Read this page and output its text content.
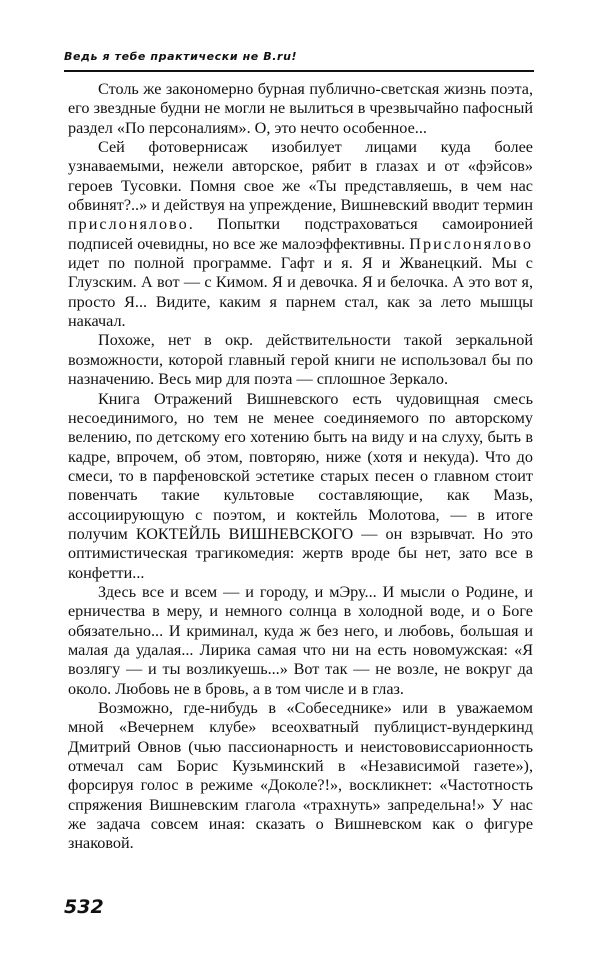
Ведь я тебе практически не В.ru!

Столь же закономерно бурная публично-светская жизнь поэта, его звездные будни не могли не вылиться в чрезвычайно пафосный раздел «По персоналиям». О, это нечто особенное...

Сей фотовернисаж изобилует лицами куда более узнаваемыми, нежели авторское, рябит в глазах и от «фэйсов» героев Тусовки. Помня свое же «Ты представляешь, в чем нас обвинят?..» и действуя на упреждение, Вишневский вводит термин прислонялово. Попытки подстраховаться самоиронией подписей очевидны, но все же малоэффективны. Прислонялово идет по полной программе. Гафт и я. Я и Жванецкий. Мы с Глузским. А вот — с Кимом. Я и девочка. Я и белочка. А это вот я, просто Я... Видите, каким я парнем стал, как за лето мышцы накачал.

Похоже, нет в окр. действительности такой зеркальной возможности, которой главный герой книги не использовал бы по назначению. Весь мир для поэта — сплошное Зеркало.

Книга Отражений Вишневского есть чудовищная смесь несоединимого, но тем не менее соединяемого по авторскому велению, по детскому его хотению быть на виду и на слуху, быть в кадре, впрочем, об этом, повторяю, ниже (хотя и некуда). Что до смеси, то в парфеновской эстетике старых песен о главном стоит повенчать такие культовые составляющие, как Мазь, ассоциирующую с поэтом, и коктейль Молотова, — в итоге получим КОКТЕЙЛЬ ВИШНЕВСКОГО — он взрывчат. Но это оптимистическая трагикомедия: жертв вроде бы нет, зато все в конфетти...

Здесь все и всем — и городу, и мЭру... И мысли о Родине, и ерничества в меру, и немного солнца в холодной воде, и о Боге обязательно... И криминал, куда ж без него, и любовь, большая и малая да удалая... Лирика самая что ни на есть новомужская: «Я возлягу — и ты возликуешь...» Вот так — не возле, не вокруг да около. Любовь не в бровь, а в том числе и в глаз.

Возможно, где-нибудь в «Собеседнике» или в уважаемом мной «Вечернем клубе» всеохватный публицист-вундеркинд Дмитрий Овнов (чью пассионарность и неистововиссарионность отмечал сам Борис Кузьминский в «Независимой газете»), форсируя голос в режиме «Доколе?!», воскликнет: «Частотность спряжения Вишневским глагола «трахнуть» запредельна!» У нас же задача совсем иная: сказать о Вишневском как о фигуре знаковой.

532
